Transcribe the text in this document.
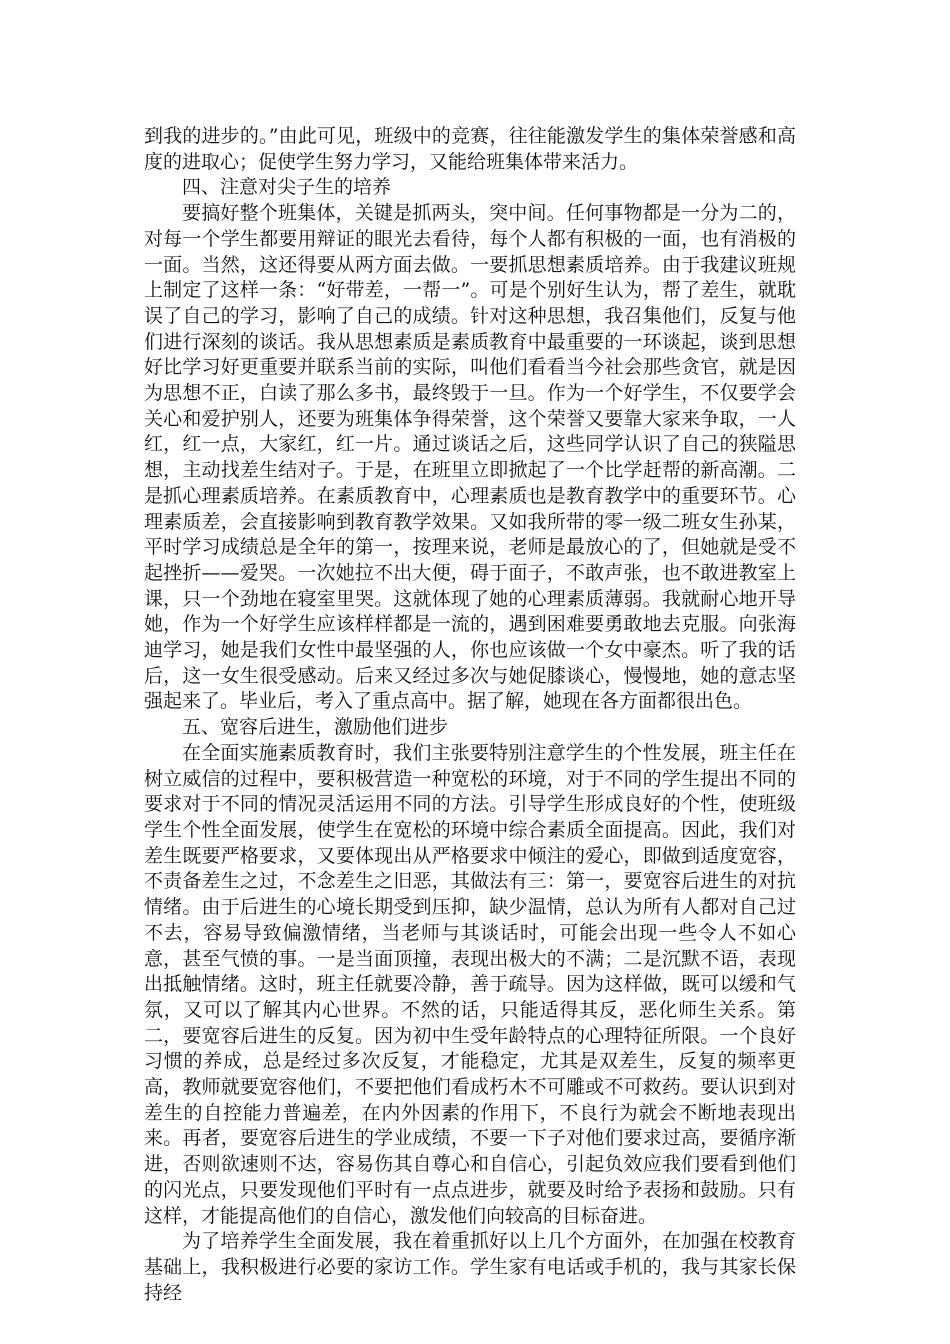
到我的进步的。”由此可见，班级中的竞赛，往往能激发学生的集体荣誉感和高度的进取心；促使学生努力学习，又能给班集体带来活力。

四、注意对尖子生的培养

要搞好整个班集体，关键是抓两头，突中间。任何事物都是一分为二的，对每一个学生都要用辩证的眼光去看待，每个人都有积极的一面，也有消极的一面。当然，这还得要从两方面去做。一要抓思想素质培养。由于我建议班规上制定了这样一条：“好带差，一帮一”。可是个别好生认为，帮了差生，就耽误了自己的学习，影响了自己的成绩。针对这种思想，我召集他们，反复与他们进行深刻的谈话。我从思想素质是素质教育中最重要的一环谈起，谈到思想好比学习好更重要并联系当前的实际，叫他们看看当今社会那些贪官，就是因为思想不正，白读了那么多书，最终毁于一旦。作为一个好学生，不仅要学会关心和爱护别人，还要为班集体争得荣誉，这个荣誉又要靠大家来争取，一人红，红一点，大家红，红一片。通过谈话之后，这些同学认识了自己的狭隘思想，主动找差生结对子。于是，在班里立即掀起了一个比学赶帮的新高潮。二是抓心理素质培养。在素质教育中，心理素质也是教育教学中的重要环节。心理素质差，会直接影响到教育教学效果。又如我所带的零一级二班女生孙某，平时学习成绩总是全年的第一，按理来说，老师是最放心的了，但她就是受不起挫折——爱哭。一次她拉不出大便，碍于面子，不敢声张，也不敢进教室上课，只一个劲地在寝室里哭。这就体现了她的心理素质薄弱。我就耐心地开导她，作为一个好学生应该样样都是一流的，遇到困难要勇敢地去克服。向张海迪学习，她是我们女性中最坚强的人，你也应该做一个女中豪杰。听了我的话后，这一女生很受感动。后来又经过多次与她促膝谈心，慢慢地，她的意志坚强起来了。毕业后，考入了重点高中。据了解，她现在各方面都很出色。

五、宽容后进生，激励他们进步

在全面实施素质教育时，我们主张要特别注意学生的个性发展，班主任在树立威信的过程中，要积极营造一种宽松的环境，对于不同的学生提出不同的要求对于不同的情况灵活运用不同的方法。引导学生形成良好的个性，使班级学生个性全面发展，使学生在宽松的环境中综合素质全面提高。因此，我们对差生既要严格要求，又要体现出从严格要求中倾注的爱心，即做到适度宽容，不责备差生之过，不念差生之旧恶，其做法有三：第一，要宽容后进生的对抗情绪。由于后进生的心境长期受到压抑，缺少温情，总认为所有人都对自己过不去，容易导致偏激情绪，当老师与其谈话时，可能会出现一些令人不如心意，甚至气愤的事。一是当面顶撞，表现出极大的不满；二是沉默不语，表现出抵触情绪。这时，班主任就要冷静，善于疏导。因为这样做，既可以缓和气氛，又可以了解其内心世界。不然的话，只能适得其反，恶化师生关系。第二，要宽容后进生的反复。因为初中生受年龄特点的心理特征所限。一个良好习惯的养成，总是经过多次反复，才能稳定，尤其是双差生，反复的频率更高，教师就要宽容他们，不要把他们看成朽木不可雕或不可救药。要认识到对差生的自控能力普遍差，在内外因素的作用下，不良行为就会不断地表现出来。再者，要宽容后进生的学业成绩，不要一下子对他们要求过高，要循序渐进，否则欲速则不达，容易伤其自尊心和自信心，引起负效应我们要看到他们的闪光点，只要发现他们平时有一点点进步，就要及时给予表扬和鼓励。只有这样，才能提高他们的自信心，激发他们向较高的目标奋进。

为了培养学生全面发展，我在着重抓好以上几个方面外，在加强在校教育基础上，我积极进行必要的家访工作。学生家有电话或手机的，我与其家长保持经
